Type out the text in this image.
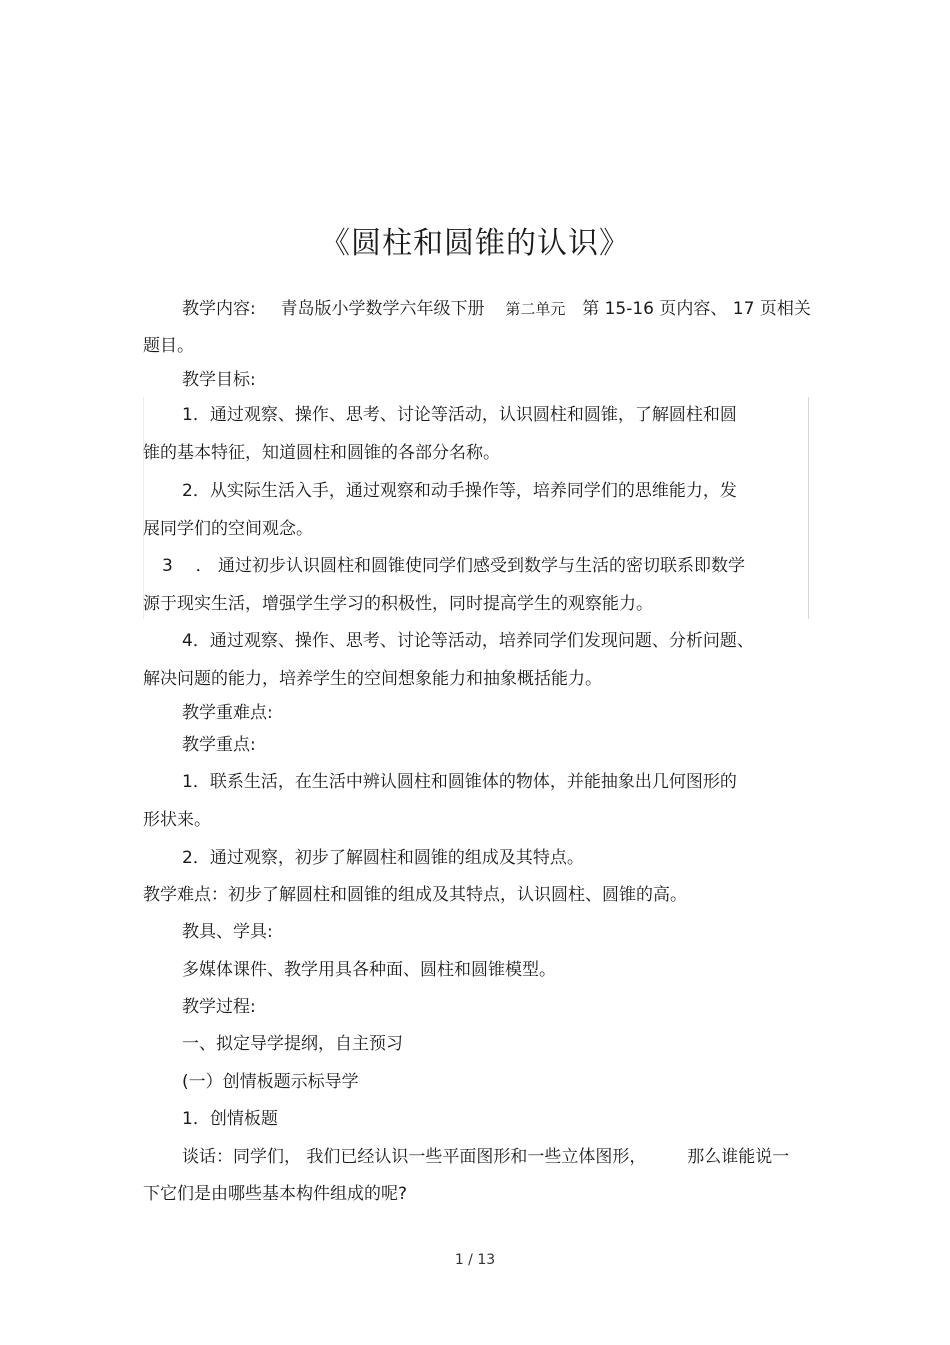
《圆柱和圆锥的认识》
教学内容: 青岛版小学数学六年级下册 第二单元 第 15-16 页内容、 17 页相关
题目。
教学目标:
1．通过观察、操作、思考、讨论等活动，认识圆柱和圆锥，了解圆柱和圆
锥的基本特征，知道圆柱和圆锥的各部分名称。
2．从实际生活入手，通过观察和动手操作等，培养同学们的思维能力，发
展同学们的空间观念。
3 ． 通过初步认识圆柱和圆锥使同学们感受到数学与生活的密切联系即数学
源于现实生活，增强学生学习的积极性，同时提高学生的观察能力。
4．通过观察、操作、思考、讨论等活动，培养同学们发现问题、分析问题、
解决问题的能力，培养学生的空间想象能力和抽象概括能力。
教学重难点:
教学重点:
1．联系生活，在生活中辨认圆柱和圆锥体的物体，并能抽象出几何图形的
形状来。
2．通过观察，初步了解圆柱和圆锥的组成及其特点。
教学难点：初步了解圆柱和圆锥的组成及其特点，认识圆柱、圆锥的高。
教具、学具:
多媒体课件、教学用具各种面、圆柱和圆锥模型。
教学过程:
一、拟定导学提纲，自主预习
(一）创情板题示标导学
1．创情板题
谈话：同学们， 我们已经认识一些平面图形和一些立体图形， 那么谁能说一
下它们是由哪些基本构件组成的呢?
1 / 13
